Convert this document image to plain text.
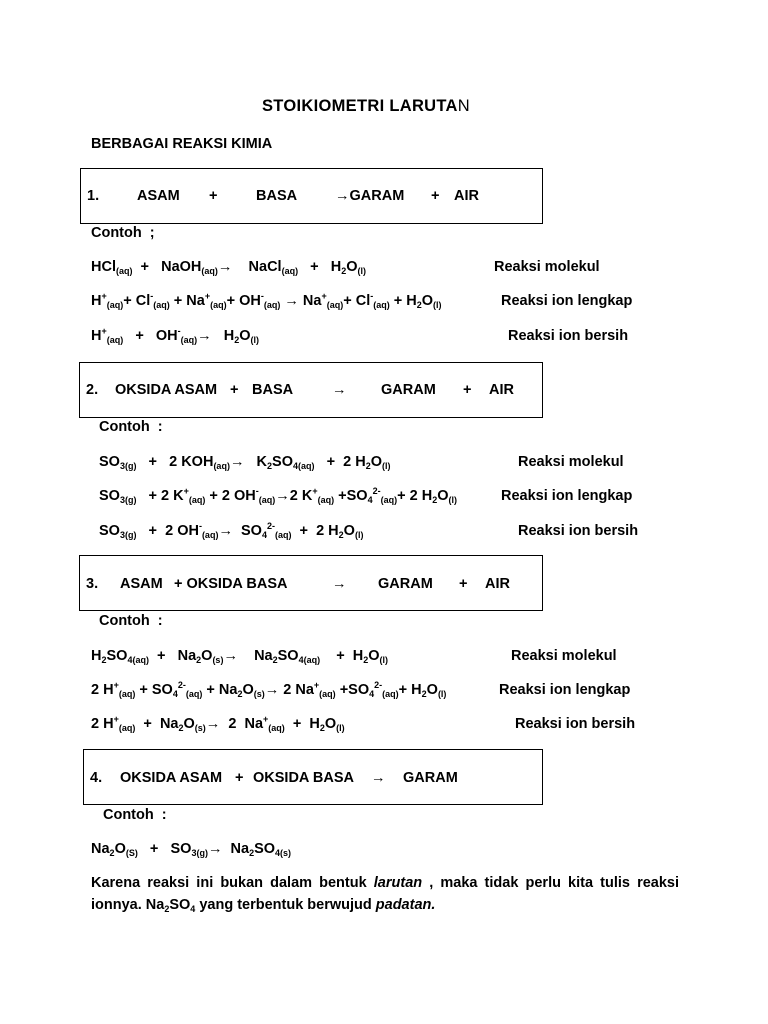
STOIKIOMETRI LARUTAN
BERBAGAI REAKSI KIMIA
1.	ASAM +	BASA	→GARAM + AIR
Contoh  ;
HCl$_{(aq)}$  +   NaOH$_{(aq)}$→ NaCl$_{(aq)}$   +   $H_2O_{(l)}$	Reaksi molekul
$H^+_{(aq)}+ Cl^-_{(aq)} + Na^+_{(aq)}+ OH^-_{(aq)} \to Na^+_{(aq)}+ Cl^-_{(aq)} + H_2O_{(l)}$	Reaksi ion lengkap
$H^+_{(aq)} + OH^-_{(aq)}\to H_2O_{(l)}$	Reaksi ion bersih
2. OKSIDA ASAM + BASA	→ GARAM + AIR
Contoh  :
$SO_{3(g)} + 2$ $KOH_{(aq)}\to K_2SO_{4(aq)} + 2$ $H_2O_{(l)}$	Reaksi molekul
$SO_{3(g)} + 2$ $K^+_{(aq)} + 2$ $OH^-_{(aq)}\to 2$ $K^+_{(aq)} +SO_4^{2-}_{(aq)}+ 2$ $H_2O_{(l)}$	Reaksi ion lengkap
$SO_{3(g)} + 2$ $OH^-_{(aq)}\to SO_4^{2-}_{(aq)} + 2$ $H_2O_{(l)}$	Reaksi ion bersih
3. ASAM + OKSIDA BASA	→ GARAM + AIR
Contoh  :
$H_2SO_{4(aq)} + Na_2O_{(s)}\to Na_2SO_{4(aq)}$    +  $H_2O_{(l)}$	Reaksi molekul
2 $H^+_{(aq)} + SO_4^{2-}_{(aq)} + Na_2O_{(s)}\to 2$ $Na^+_{(aq)} +SO_4^{2-}_{(aq)}+ H_2O_{(l)}$	Reaksi ion lengkap
2 $H^+_{(aq)} + Na_2O_{(s)}\to 2$  $Na^+_{(aq)} + H_2O_{(l)}$	Reaksi ion bersih
4. OKSIDA ASAM + OKSIDA BASA → GARAM
Contoh  :
$Na_2O_{(S)} + SO_{3(g)}\to Na_2SO_{4(s)}$
Karena reaksi ini bukan dalam bentuk larutan , maka tidak perlu kita tulis reaksi ionnya. $Na_2SO_4$ yang terbentuk berwujud padatan.
